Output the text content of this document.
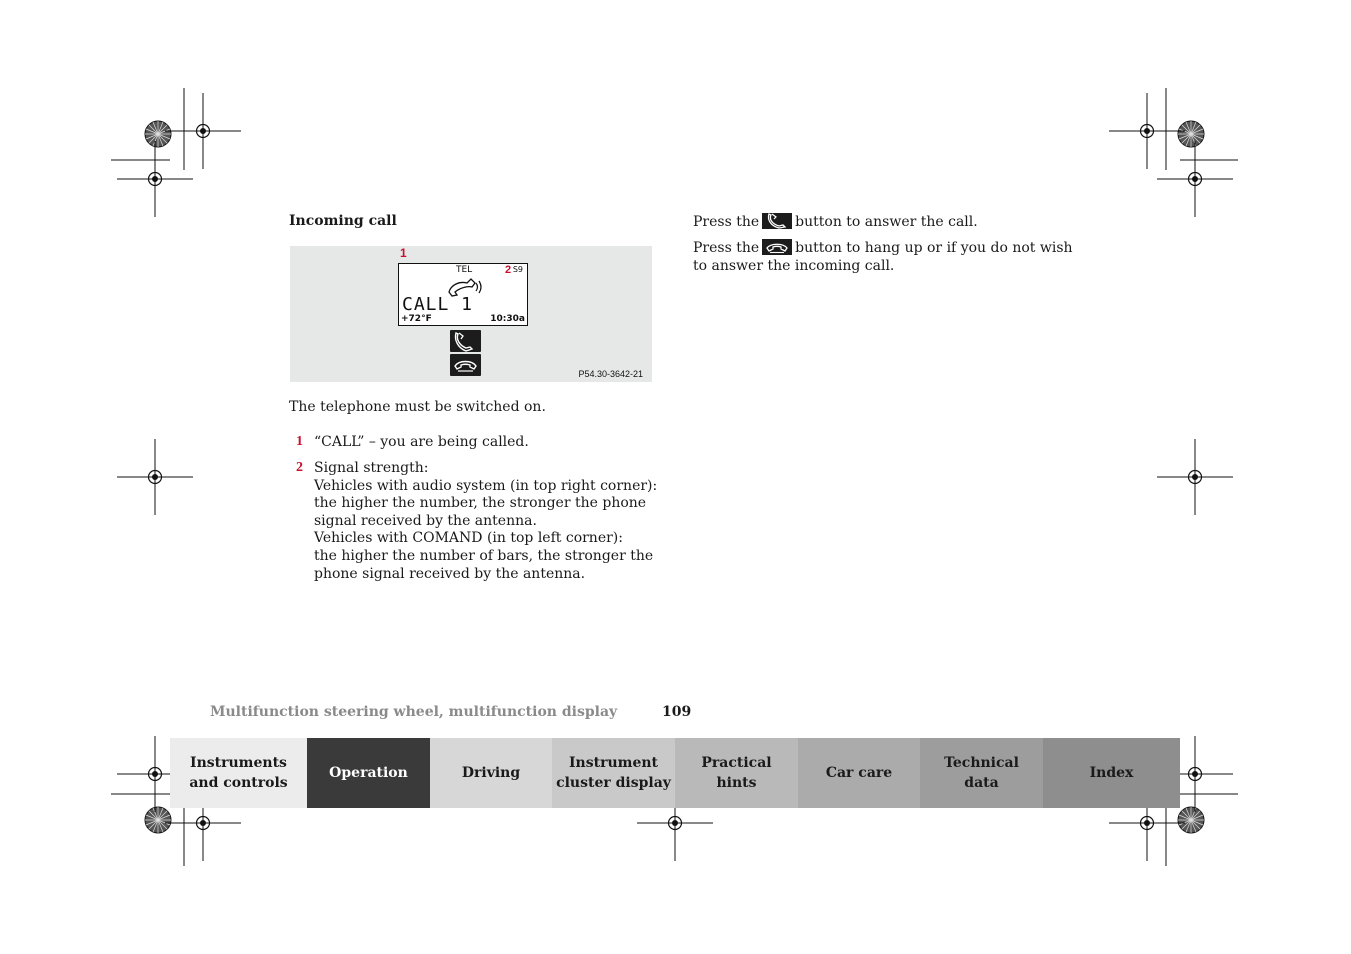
Incoming call
1
TEL	2 S9
CALL 1
+72°F	10:30a
P54.30-3642-21
The telephone must be switched on.
1 “CALL” – you are being called.
2 Signal strength:
Vehicles with audio system (in top right corner):
the higher the number, the stronger the phone
signal received by the antenna.
Vehicles with COMAND (in top left corner):
the higher the number of bars, the stronger the
phone signal received by the antenna.
Press the	button to answer the call.
Press the	button to hang up or if you do not wish
to answer the incoming call.
Multifunction steering wheel, multifunction display	109
Instruments
and controls
Operation	Driving
Instrument
cluster display
Practical hints
Car care
Technical
data
Index
